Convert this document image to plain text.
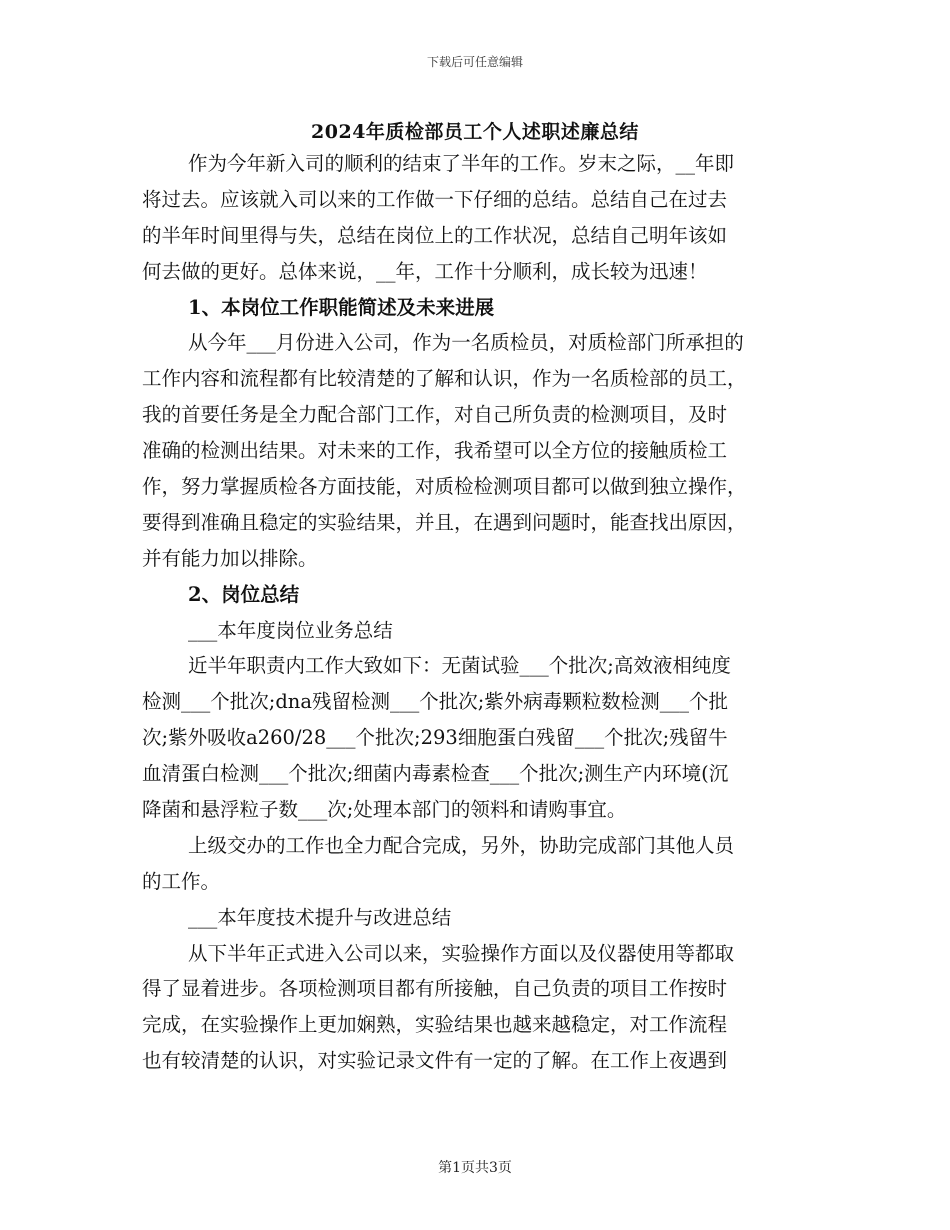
下载后可任意编辑
2024年质检部员工个人述职述廉总结
作为今年新入司的顺利的结束了半年的工作。岁末之际，__年即
将过去。应该就入司以来的工作做一下仔细的总结。总结自己在过去
的半年时间里得与失，总结在岗位上的工作状况，总结自己明年该如
何去做的更好。总体来说，__年，工作十分顺利，成长较为迅速！
1、本岗位工作职能简述及未来进展
从今年___月份进入公司，作为一名质检员，对质检部门所承担的
工作内容和流程都有比较清楚的了解和认识，作为一名质检部的员工，
我的首要任务是全力配合部门工作，对自己所负责的检测项目，及时
准确的检测出结果。对未来的工作，我希望可以全方位的接触质检工
作，努力掌握质检各方面技能，对质检检测项目都可以做到独立操作，
要得到准确且稳定的实验结果，并且，在遇到问题时，能查找出原因，
并有能力加以排除。
2、岗位总结
___本年度岗位业务总结
近半年职责内工作大致如下：无菌试验___个批次;高效液相纯度
检测___个批次;dna残留检测___个批次;紫外病毒颗粒数检测___个批
次;紫外吸收a260/28___个批次;293细胞蛋白残留___个批次;残留牛
血清蛋白检测___个批次;细菌内毒素检查___个批次;测生产内环境(沉
降菌和悬浮粒子数___次;处理本部门的领料和请购事宜。
上级交办的工作也全力配合完成，另外，协助完成部门其他人员
的工作。
___本年度技术提升与改进总结
从下半年正式进入公司以来，实验操作方面以及仪器使用等都取
得了显着进步。各项检测项目都有所接触，自己负责的项目工作按时
完成，在实验操作上更加娴熟，实验结果也越来越稳定，对工作流程
也有较清楚的认识，对实验记录文件有一定的了解。在工作上夜遇到
第1页共3页
